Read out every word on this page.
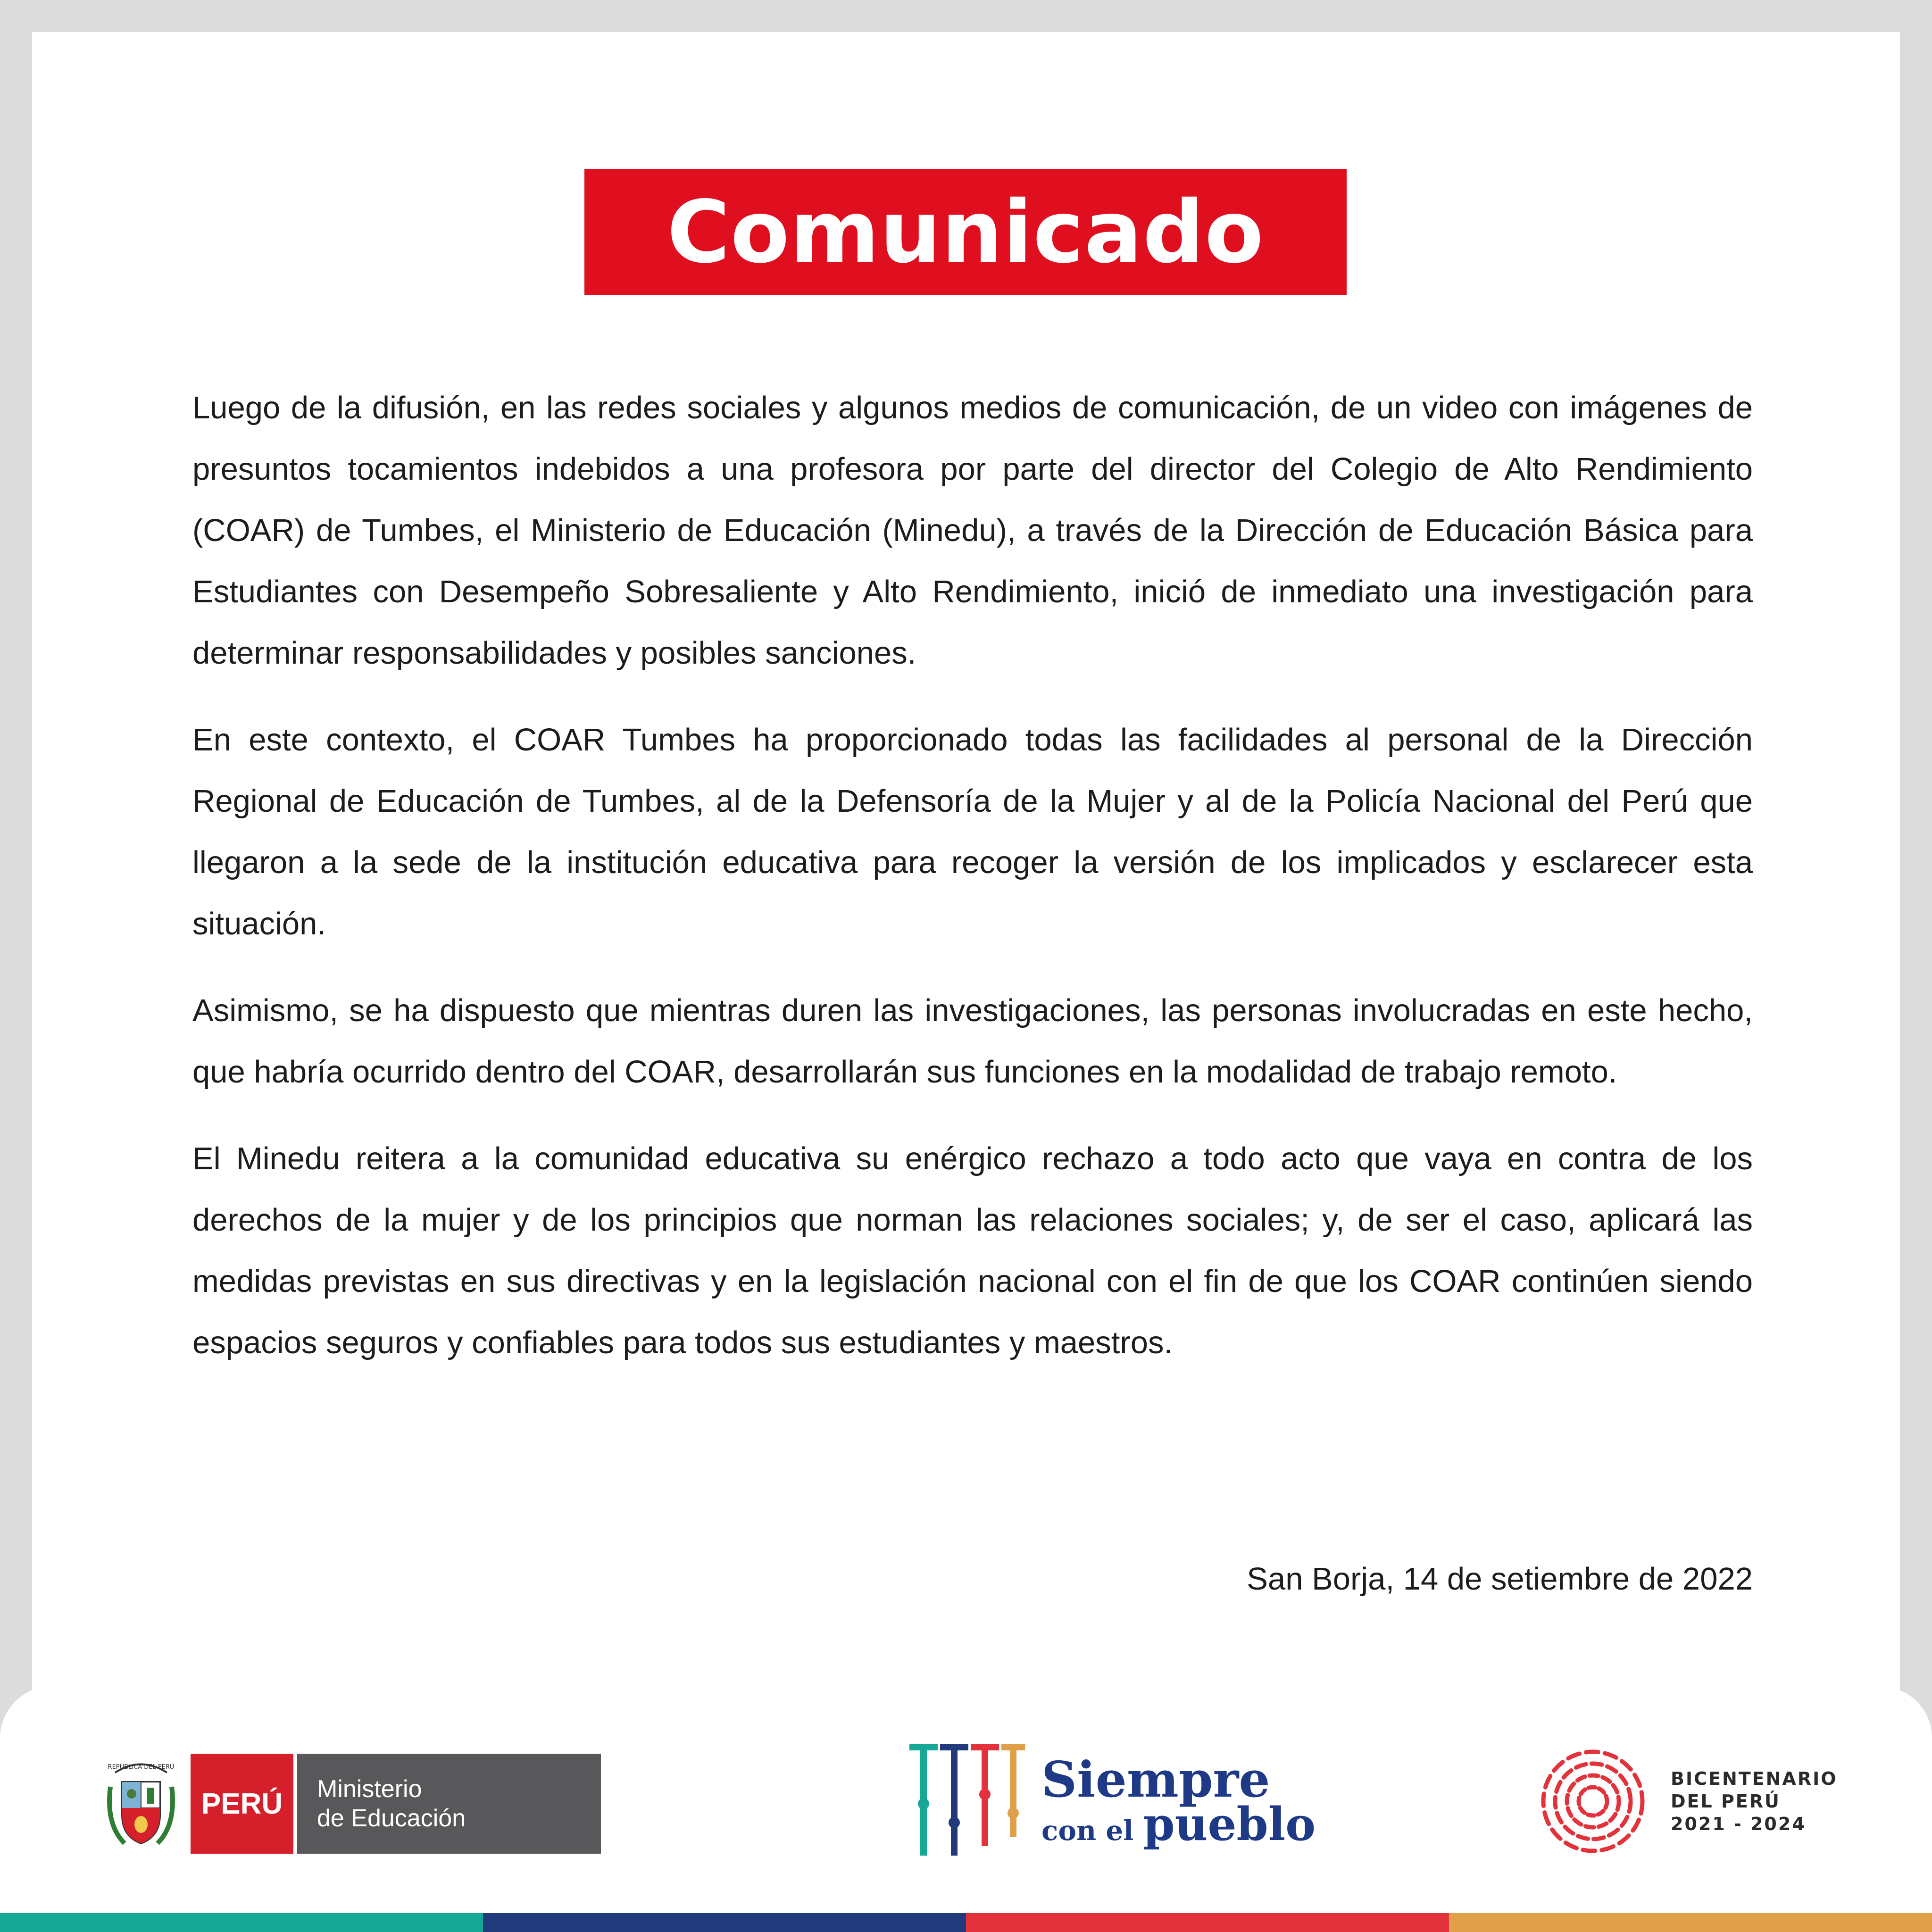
Comunicado

Luego de la difusión, en las redes sociales y algunos medios de comunicación, de un video con imágenes de presuntos tocamientos indebidos a una profesora por parte del director del Colegio de Alto Rendimiento (COAR) de Tumbes, el Ministerio de Educación (Minedu), a través de la Dirección de Educación Básica para Estudiantes con Desempeño Sobresaliente y Alto Rendimiento, inició de inmediato una investigación para determinar responsabilidades y posibles sanciones.

En este contexto, el COAR Tumbes ha proporcionado todas las facilidades al personal de la Dirección Regional de Educación de Tumbes, al de la Defensoría de la Mujer y al de la Policía Nacional del Perú que llegaron a la sede de la institución educativa para recoger la versión de los implicados y esclarecer esta situación.

Asimismo, se ha dispuesto que mientras duren las investigaciones, las personas involucradas en este hecho, que habría ocurrido dentro del COAR, desarrollarán sus funciones en la modalidad de trabajo remoto.

El Minedu reitera a la comunidad educativa su enérgico rechazo a todo acto que vaya en contra de los derechos de la mujer y de los principios que norman las relaciones sociales; y, de ser el caso, aplicará las medidas previstas en sus directivas y en la legislación nacional con el fin de que los COAR continúen siendo espacios seguros y confiables para todos sus estudiantes y maestros.

San Borja, 14 de setiembre de 2022
REPÚBLICA DEL PERÚ
PERÚ	Ministerio
de Educación
Siempre
con el pueblo
BICENTENARIO
DEL PERÚ
2021 - 2024
